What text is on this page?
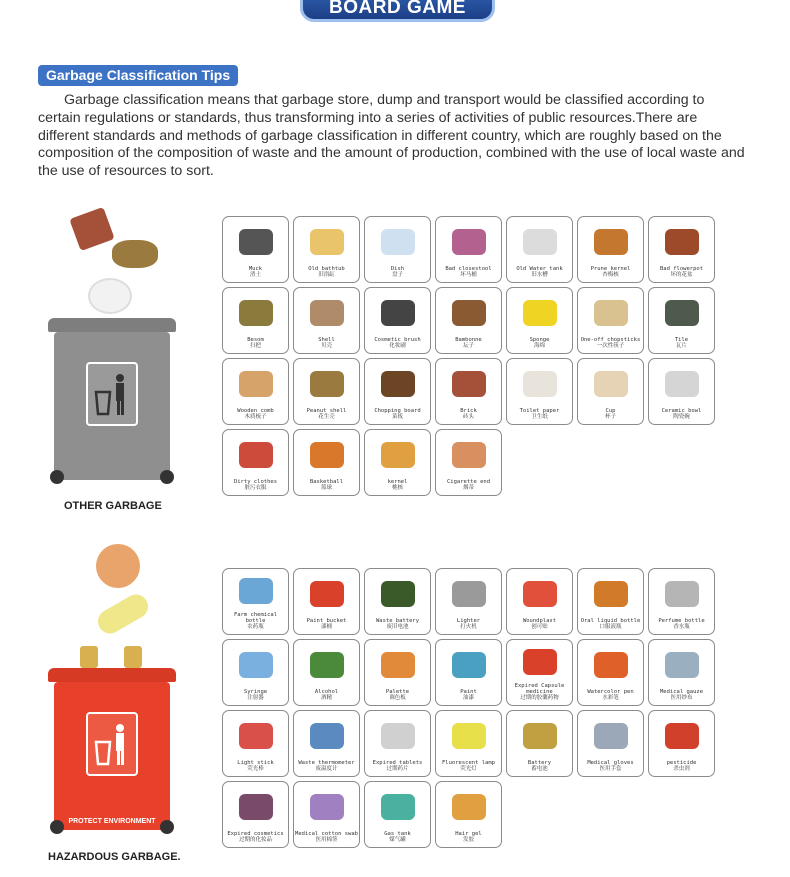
BOARD GAME
Garbage Classification Tips

Garbage classification means that garbage store, dump and transport would be classified according to certain regulations or standards, thus transforming into a series of activities of public resources.There are different standards and methods of garbage classification in different country, which are roughly based on the composition of the composition of waste and the amount of production, combined with the use of local waste and the use of resources to sort.

PROTECT ENVIRONMENT
OTHER GARBAGE
Muck
渣土
Old bathtub
旧浴缸
Dish
盘子
Bad closestool
坏马桶
Old Water tank
旧水槽
Prune kernel
杏梅核
Bad flowerpot
坏的花盆
Besom
扫把
Shell
贝壳
Cosmetic brush
化妆刷
Bambonne
坛子
Sponge
海绵
One-off chopsticks
一次性筷子
Tile
瓦片
Wooden comb
木质梳子
Peanut shell
花生壳
Chopping board
菜板
Brick
砖头
Toilet paper
卫生纸
Cup
杯子
Ceramic bowl
陶瓷碗
Dirty clothes
脏污衣服
Basketball
篮球
kernel
桃核
Cigarette end
烟蒂
PROTECT ENVIRONMENT
HAZARDOUS GARBAGE.
Farm chemical bottle
农药瓶
Paint bucket
漆桶
Waste battery
废旧电池
Lighter
打火机
Woundplast
创可贴
Oral liquid bottle
口服液瓶
Perfume bottle
香水瓶
Syringe
注射器
Alcohol
酒精
Palette
调色板
Paint
油漆
Expired Capsule medicine
过期的胶囊药物
Watercolor pen
水彩笔
Medical gauze
医用纱布
Light stick
荧光棒
Waste thermometer
废温度计
Expired tablets
过期药片
Fluorescent lamp
荧光灯
Battery
蓄电池
Medical gloves
医用手套
pesticide
杀虫剂
Expired cosmetics
过期的化妆品
Medical cotton swab
医用棉签
Gas tank
煤气罐
Hair gel
发胶
